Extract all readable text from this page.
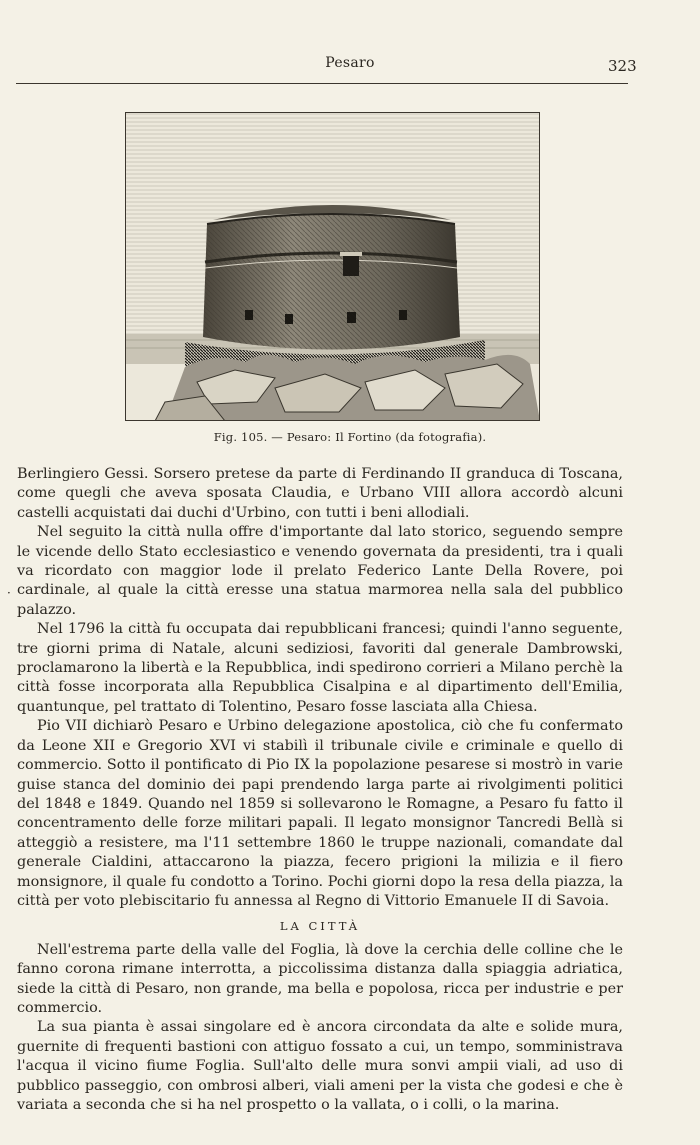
Pesaro	323
Fig. 105. — Pesaro: Il Fortino (da fotografia).
·

Berlingiero Gessi. Sorsero pretese da parte di Ferdinando II granduca di Toscana, come quegli che aveva sposata Claudia, e Urbano VIII allora accordò alcuni castelli acquistati dai duchi d'Urbino, con tutti i beni allodiali.

Nel seguito la città nulla offre d'importante dal lato storico, seguendo sempre le vicende dello Stato ecclesiastico e venendo governata da presidenti, tra i quali va ricordato con maggior lode il prelato Federico Lante Della Rovere, poi cardinale, al quale la città eresse una statua marmorea nella sala del pubblico palazzo.

Nel 1796 la città fu occupata dai repubblicani francesi; quindi l'anno seguente, tre giorni prima di Natale, alcuni sediziosi, favoriti dal generale Dambrowski, proclamarono la libertà e la Repubblica, indi spedirono corrieri a Milano perchè la città fosse incorporata alla Repubblica Cisalpina e al dipartimento dell'Emilia, quantunque, pel trattato di Tolentino, Pesaro fosse lasciata alla Chiesa.

Pio VII dichiarò Pesaro e Urbino delegazione apostolica, ciò che fu confermato da Leone XII e Gregorio XVI vi stabilì il tribunale civile e criminale e quello di commercio. Sotto il pontificato di Pio IX la popolazione pesarese si mostrò in varie guise stanca del dominio dei papi prendendo larga parte ai rivolgimenti politici del 1848 e 1849. Quando nel 1859 si sollevarono le Romagne, a Pesaro fu fatto il concentramento delle forze militari papali. Il legato monsignor Tancredi Bellà si atteggiò a resistere, ma l'11 settembre 1860 le truppe nazionali, comandate dal generale Cialdini, attaccarono la piazza, fecero prigioni la milizia e il fiero monsignore, il quale fu condotto a Torino. Pochi giorni dopo la resa della piazza, la città per voto plebiscitario fu annessa al Regno di Vittorio Emanuele II di Savoia.

LA CITTÀ

Nell'estrema parte della valle del Foglia, là dove la cerchia delle colline che le fanno corona rimane interrotta, a piccolissima distanza dalla spiaggia adriatica, siede la città di Pesaro, non grande, ma bella e popolosa, ricca per industrie e per commercio.

La sua pianta è assai singolare ed è ancora circondata da alte e solide mura, guernite di frequenti bastioni con attiguo fossato a cui, un tempo, somministrava l'acqua il vicino fiume Foglia. Sull'alto delle mura sonvi ampii viali, ad uso di pubblico passeggio, con ombrosi alberi, viali ameni per la vista che godesi e che è variata a seconda che si ha nel prospetto o la vallata, o i colli, o la marina.
